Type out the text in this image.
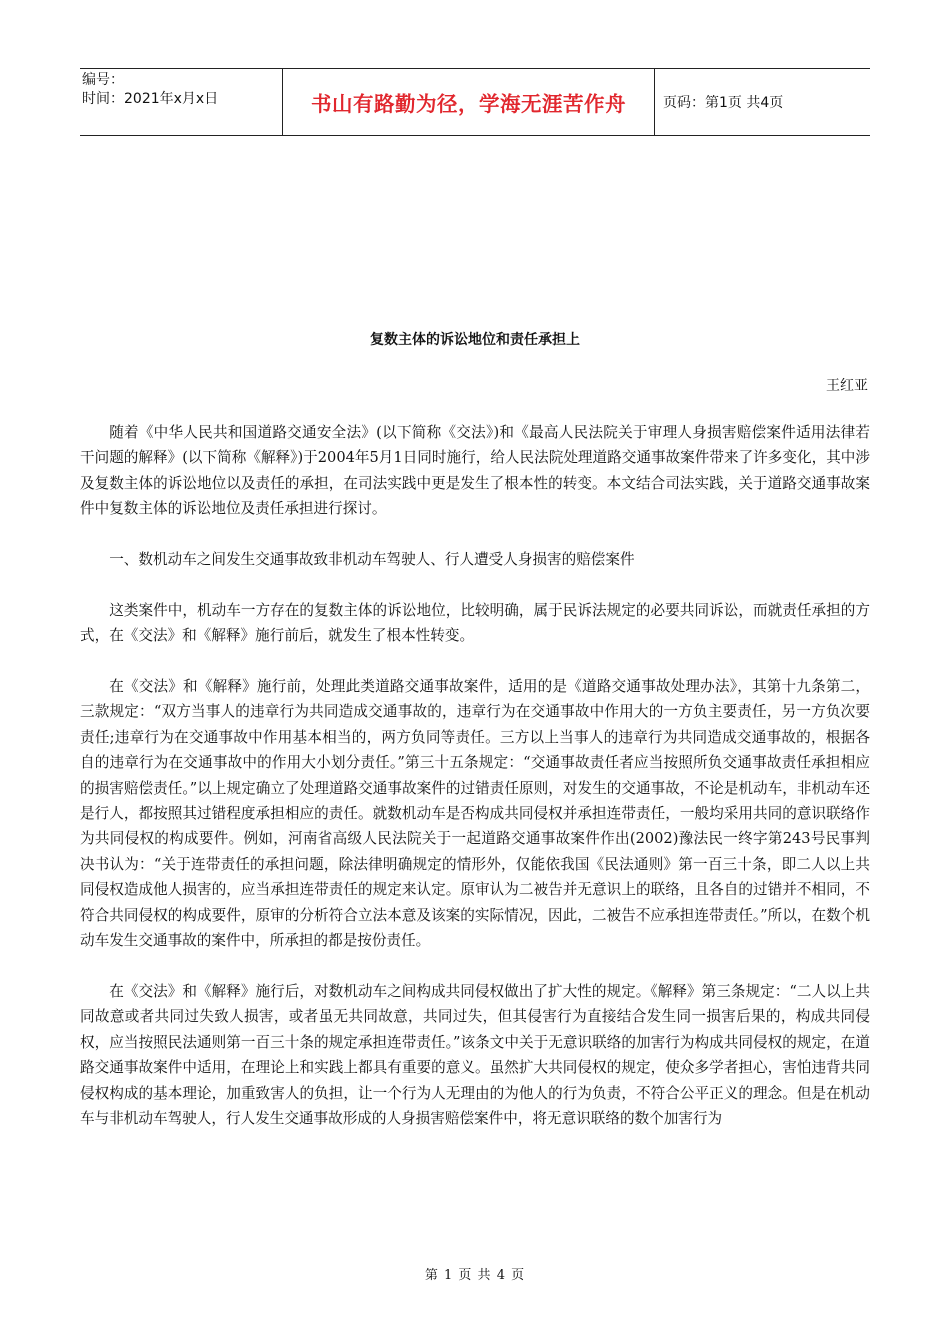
编号：
时间：2021年x月x日	书山有路勤为径，学海无涯苦作舟	页码：第1页 共4页
复数主体的诉讼地位和责任承担上
王红亚

随着《中华人民共和国道路交通安全法》(以下简称《交法》)和《最高人民法院关于审理人身损害赔偿案件适用法律若干问题的解释》(以下简称《解释》)于2004年5月1日同时施行，给人民法院处理道路交通事故案件带来了许多变化，其中涉及复数主体的诉讼地位以及责任的承担，在司法实践中更是发生了根本性的转变。本文结合司法实践，关于道路交通事故案件中复数主体的诉讼地位及责任承担进行探讨。

一、数机动车之间发生交通事故致非机动车驾驶人、行人遭受人身损害的赔偿案件

这类案件中，机动车一方存在的复数主体的诉讼地位，比较明确，属于民诉法规定的必要共同诉讼，而就责任承担的方式，在《交法》和《解释》施行前后，就发生了根本性转变。

在《交法》和《解释》施行前，处理此类道路交通事故案件，适用的是《道路交通事故处理办法》，其第十九条第二，三款规定：“双方当事人的违章行为共同造成交通事故的，违章行为在交通事故中作用大的一方负主要责任，另一方负次要责任;违章行为在交通事故中作用基本相当的，两方负同等责任。三方以上当事人的违章行为共同造成交通事故的，根据各自的违章行为在交通事故中的作用大小划分责任。”第三十五条规定：“交通事故责任者应当按照所负交通事故责任承担相应的损害赔偿责任。”以上规定确立了处理道路交通事故案件的过错责任原则，对发生的交通事故，不论是机动车，非机动车还是行人，都按照其过错程度承担相应的责任。就数机动车是否构成共同侵权并承担连带责任，一般均采用共同的意识联络作为共同侵权的构成要件。例如，河南省高级人民法院关于一起道路交通事故案件作出(2002)豫法民一终字第243号民事判决书认为：“关于连带责任的承担问题，除法律明确规定的情形外，仅能依我国《民法通则》第一百三十条，即二人以上共同侵权造成他人损害的，应当承担连带责任的规定来认定。原审认为二被告并无意识上的联络，且各自的过错并不相同，不符合共同侵权的构成要件，原审的分析符合立法本意及该案的实际情况，因此，二被告不应承担连带责任。”所以，在数个机动车发生交通事故的案件中，所承担的都是按份责任。

在《交法》和《解释》施行后，对数机动车之间构成共同侵权做出了扩大性的规定。《解释》第三条规定：“二人以上共同故意或者共同过失致人损害，或者虽无共同故意，共同过失，但其侵害行为直接结合发生同一损害后果的，构成共同侵权，应当按照民法通则第一百三十条的规定承担连带责任。”该条文中关于无意识联络的加害行为构成共同侵权的规定，在道路交通事故案件中适用，在理论上和实践上都具有重要的意义。虽然扩大共同侵权的规定，使众多学者担心，害怕违背共同侵权构成的基本理论，加重致害人的负担，让一个行为人无理由的为他人的行为负责，不符合公平正义的理念。但是在机动车与非机动车驾驶人，行人发生交通事故形成的人身损害赔偿案件中，将无意识联络的数个加害行为

第 1 页 共 4 页
